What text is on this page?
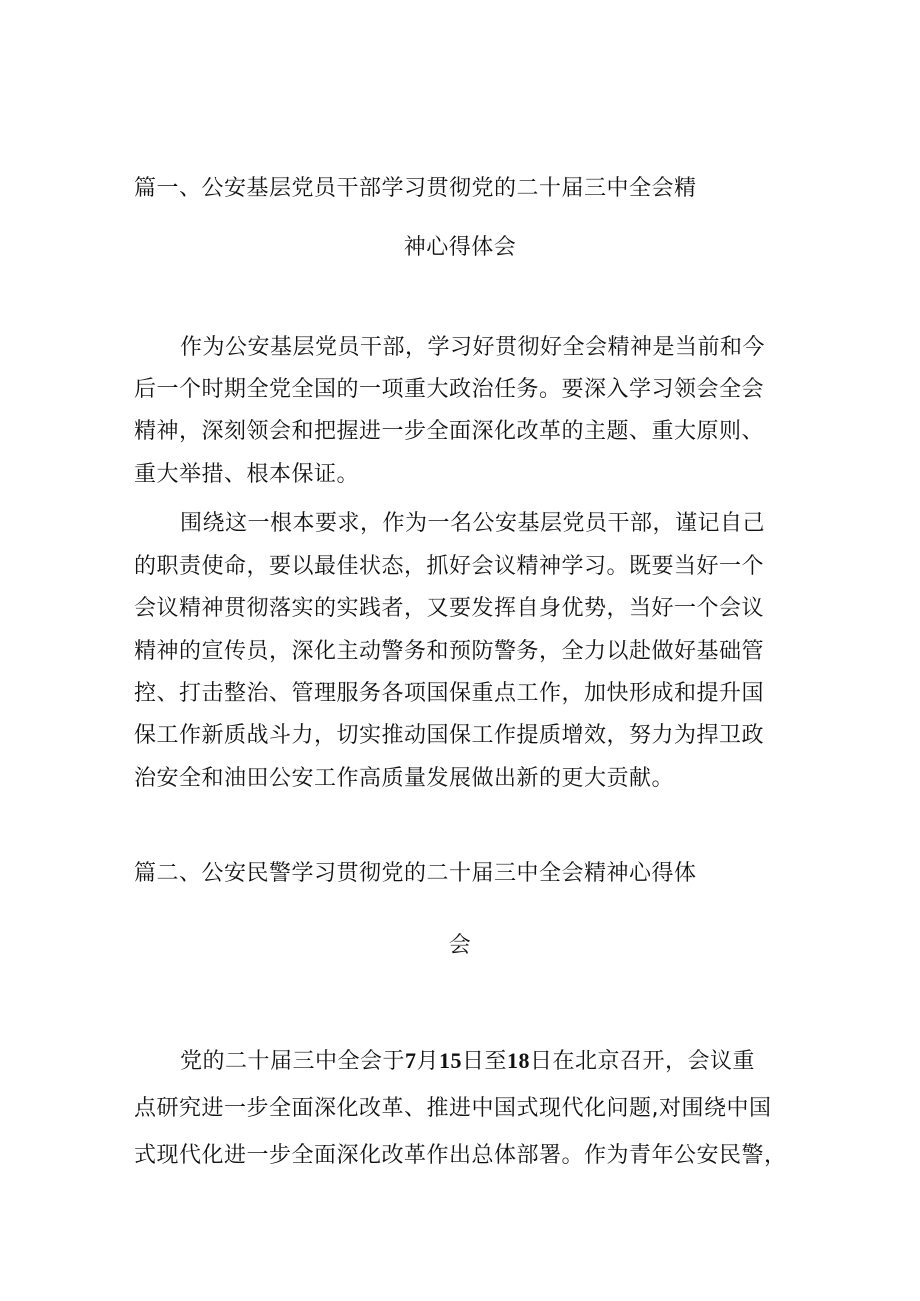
篇一、公安基层党员干部学习贯彻党的二十届三中全会精
神心得体会
作为公安基层党员干部，学习好贯彻好全会精神是当前和今
后一个时期全党全国的一项重大政治任务。要深入学习领会全会
精神，深刻领会和把握进一步全面深化改革的主题、重大原则、
重大举措、根本保证。
围绕这一根本要求，作为一名公安基层党员干部，谨记自己
的职责使命，要以最佳状态，抓好会议精神学习。既要当好一个
会议精神贯彻落实的实践者，又要发挥自身优势，当好一个会议
精神的宣传员，深化主动警务和预防警务，全力以赴做好基础管
控、打击整治、管理服务各项国保重点工作，加快形成和提升国
保工作新质战斗力，切实推动国保工作提质增效，努力为捍卫政
治安全和油田公安工作高质量发展做出新的更大贡献。
篇二、公安民警学习贯彻党的二十届三中全会精神心得体
会
党的二十届三中全会于7月15日至18日在北京召开，会议重
点研究进一步全面深化改革、推进中国式现代化问题,对围绕中国
式现代化进一步全面深化改革作出总体部署。作为青年公安民警，
